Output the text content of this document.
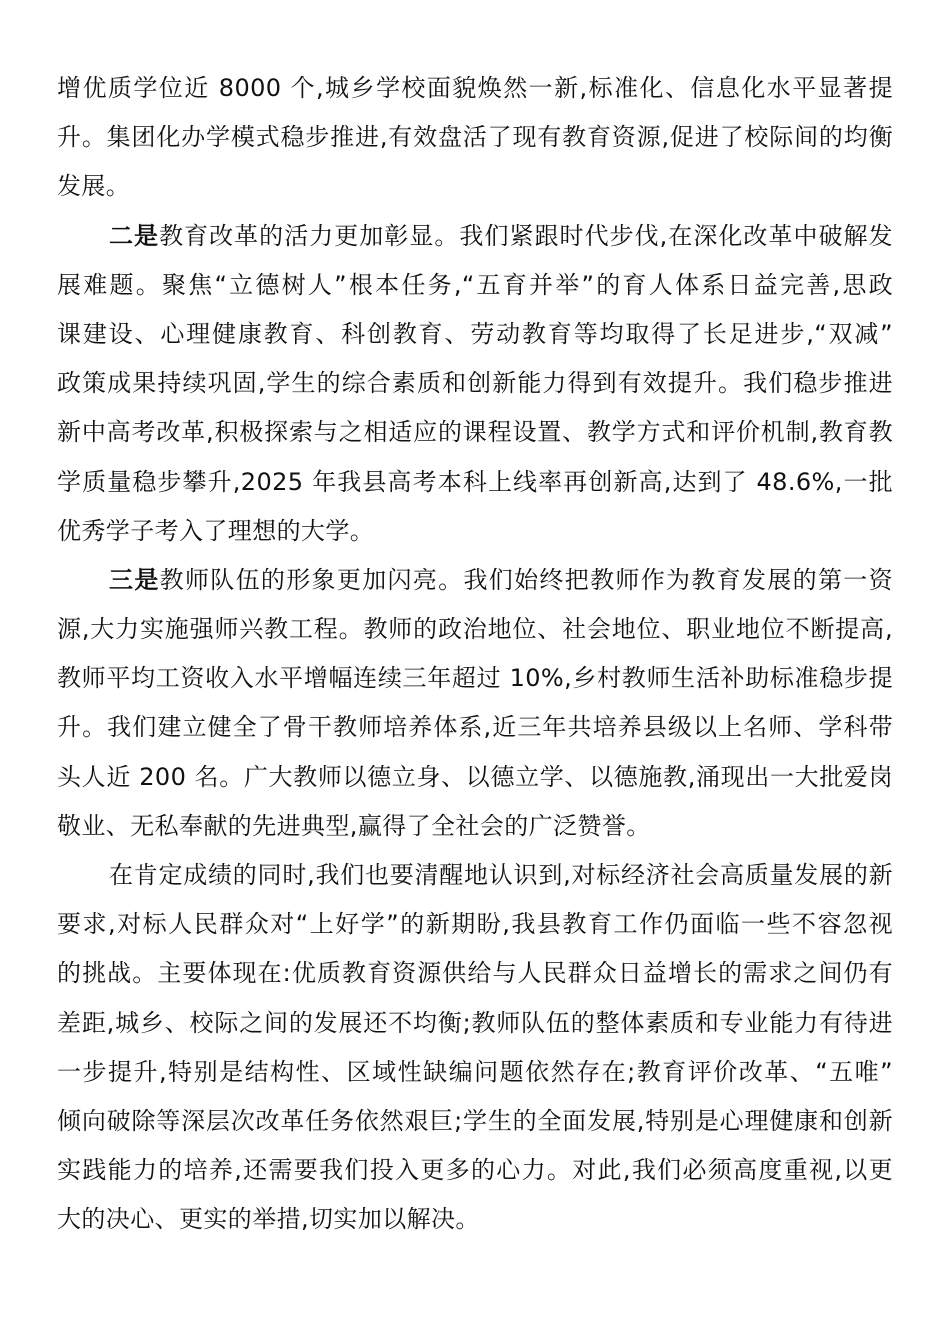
增优质学位近 8000 个,城乡学校面貌焕然一新,标准化、信息化水平显著提
升。集团化办学模式稳步推进,有效盘活了现有教育资源,促进了校际间的均衡
发展。
二是教育改革的活力更加彰显。我们紧跟时代步伐,在深化改革中破解发
展难题。聚焦“立德树人”根本任务,“五育并举”的育人体系日益完善,思政
课建设、心理健康教育、科创教育、劳动教育等均取得了长足进步,“双减”
政策成果持续巩固,学生的综合素质和创新能力得到有效提升。我们稳步推进
新中高考改革,积极探索与之相适应的课程设置、教学方式和评价机制,教育教
学质量稳步攀升,2025 年我县高考本科上线率再创新高,达到了 48.6%,一批
优秀学子考入了理想的大学。
三是教师队伍的形象更加闪亮。我们始终把教师作为教育发展的第一资
源,大力实施强师兴教工程。教师的政治地位、社会地位、职业地位不断提高,
教师平均工资收入水平增幅连续三年超过 10%,乡村教师生活补助标准稳步提
升。我们建立健全了骨干教师培养体系,近三年共培养县级以上名师、学科带
头人近 200 名。广大教师以德立身、以德立学、以德施教,涌现出一大批爱岗
敬业、无私奉献的先进典型,赢得了全社会的广泛赞誉。
在肯定成绩的同时,我们也要清醒地认识到,对标经济社会高质量发展的新
要求,对标人民群众对“上好学”的新期盼,我县教育工作仍面临一些不容忽视
的挑战。主要体现在:优质教育资源供给与人民群众日益增长的需求之间仍有
差距,城乡、校际之间的发展还不均衡;教师队伍的整体素质和专业能力有待进
一步提升,特别是结构性、区域性缺编问题依然存在;教育评价改革、“五唯”
倾向破除等深层次改革任务依然艰巨;学生的全面发展,特别是心理健康和创新
实践能力的培养,还需要我们投入更多的心力。对此,我们必须高度重视,以更
大的决心、更实的举措,切实加以解决。
